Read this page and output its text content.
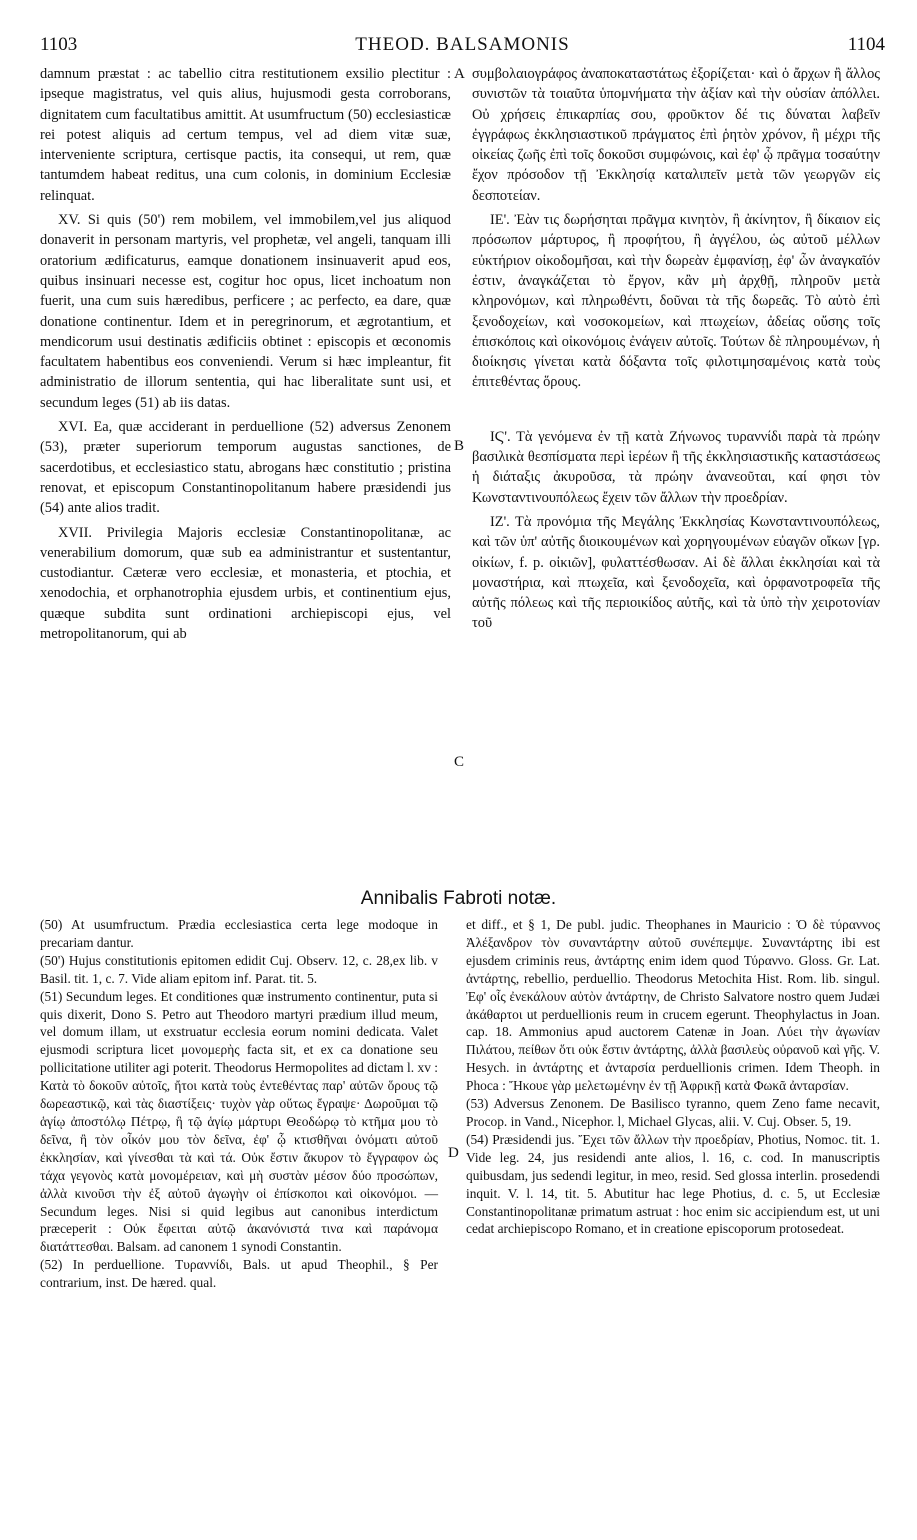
1103	THEOD. BALSAMONIS	1104
A
B
C
D

damnum præstat : ac tabellio citra restitutionem exsilio plectitur : ipseque magistratus, vel quis alius, hujusmodi gesta corroborans, dignitatem cum facultatibus amittit. At usumfructum (50) ecclesiasticæ rei potest aliquis ad certum tempus, vel ad diem vitæ suæ, interveniente scriptura, certisque pactis, ita consequi, ut rem, quæ tantumdem habeat reditus, una cum colonis, in dominium Ecclesiæ relinquat.

XV. Si quis (50') rem mobilem, vel immobilem,vel jus aliquod donaverit in personam martyris, vel prophetæ, vel angeli, tanquam illi oratorium ædificaturus, eamque donationem insinuaverit apud eos, quibus insinuari necesse est, cogitur hoc opus, licet inchoatum non fuerit, una cum suis hæredibus, perficere ; ac perfecto, ea dare, quæ donatione continentur. Idem et in peregrinorum, et ægrotantium, et mendicorum usui destinatis ædificiis obtinet : episcopis et œconomis facultatem habentibus eos conveniendi. Verum si hæc impleantur, fit administratio de illorum sententia, qui hac liberalitate sunt usi, et secundum leges (51) ab iis datas.

XVI. Ea, quæ acciderant in perduellione (52) adversus Zenonem (53), præter superiorum temporum augustas sanctiones, de sacerdotibus, et ecclesiastico statu, abrogans hæc constitutio ; pristina renovat, et episcopum Constantinopolitanum habere præsidendi jus (54) ante alios tradit.

XVII. Privilegia Majoris ecclesiæ Constantinopolitanæ, ac venerabilium domorum, quæ sub ea administrantur et sustentantur, custodiantur. Cæteræ vero ecclesiæ, et monasteria, et ptochia, et xenodochia, et orphanotrophia ejusdem urbis, et continentium ejus, quæque subdita sunt ordinationi archiepiscopi ejus, vel metropolitanorum, qui ab

συμβολαιογράφος ἀναποκαταστάτως ἐξορίζεται· καὶ ὁ ἄρχων ἢ ἄλλος συνιστῶν τὰ τοιαῦτα ὑπομνήματα τὴν ἀξίαν καὶ τὴν οὐσίαν ἀπόλλει. Οὐ χρήσεις ἐπικαρπίας σου, φροῦκτον δέ τις δύναται λαβεῖν ἐγγράφως ἐκκλησιαστικοῦ πράγματος ἐπὶ ῥητὸν χρόνον, ἢ μέχρι τῆς οἰκείας ζωῆς ἐπὶ τοῖς δοκοῦσι συμφώνοις, καὶ ἐφ' ᾧ πρᾶγμα τοσαύτην ἔχον πρόσοδον τῇ Ἐκκλησίᾳ καταλιπεῖν μετὰ τῶν γεωργῶν εἰς δεσποτείαν.

ΙΕ'. Ἐὰν τις δωρήσηται πρᾶγμα κινητὸν, ἢ ἀκίνητον, ἢ δίκαιον εἰς πρόσωπον μάρτυρος, ἢ προφήτου, ἢ ἀγγέλου, ὡς αὐτοῦ μέλλων εὐκτήριον οἰκοδομῆσαι, καὶ τὴν δωρεὰν ἐμφανίσῃ, ἐφ' ὧν ἀναγκαῖόν ἐστιν, ἀναγκάζεται τὸ ἔργον, κἂν μὴ ἀρχθῇ, πληροῦν μετὰ κληρονόμων, καὶ πληρωθέντι, δοῦναι τὰ τῆς δωρεᾶς. Τὸ αὐτὸ ἐπὶ ξενοδοχείων, καὶ νοσοκομείων, καὶ πτωχείων, ἀδείας οὔσης τοῖς ἐπισκόποις καὶ οἰκονόμοις ἐνάγειν αὐτοῖς. Τούτων δὲ πληρουμένων, ἡ διοίκησις γίνεται κατὰ δόξαντα τοῖς φιλοτιμησαμένοις κατὰ τοὺς ἐπιτεθέντας ὅρους.

ΙϚ'. Τὰ γενόμενα ἐν τῇ κατὰ Ζήνωνος τυραννίδι παρὰ τὰ πρώην βασιλικὰ θεσπίσματα περὶ ἱερέων ἢ τῆς ἐκκλησιαστικῆς καταστάσεως ἡ διάταξις ἀκυροῦσα, τὰ πρώην ἀνανεοῦται, καί φησι τὸν Κωνσταντινουπόλεως ἔχειν τῶν ἄλλων τὴν προεδρίαν.

ΙΖ'. Τὰ προνόμια τῆς Μεγάλης Ἐκκλησίας Κωνσταντινουπόλεως, καὶ τῶν ὑπ' αὐτῆς διοικουμένων καὶ χορηγουμένων εὐαγῶν οἴκων [γρ. οἰκίων, f. p. οἰκιῶν], φυλαττέσθωσαν. Αἱ δὲ ἄλλαι ἐκκλησίαι καὶ τὰ μοναστήρια, καὶ πτωχεῖα, καὶ ξενοδοχεῖα, καὶ ὀρφανοτροφεῖα τῆς αὐτῆς πόλεως καὶ τῆς περιοικίδος αὐτῆς, καὶ τὰ ὑπὸ τὴν χειροτονίαν τοῦ

Annibalis Fabroti notæ.

(50) At usumfructum. Prædia ecclesiastica certa lege modoque in precariam dantur.

(50') Hujus constitutionis epitomen edidit Cuj. Observ. 12, c. 28,ex lib. v Basil. tit. 1, c. 7. Vide aliam epitom inf. Parat. tit. 5.

(51) Secundum leges. Et conditiones quæ instrumento continentur, puta si quis dixerit, Dono S. Petro aut Theodoro martyri prædium illud meum, vel domum illam, ut exstruatur ecclesia eorum nomini dedicata. Valet ejusmodi scriptura licet μονομερὴς facta sit, et ex ca donatione seu pollicitatione utiliter agi poterit. Theodorus Hermopolites ad dictam l. xv : Κατὰ τὸ δοκοῦν αὐτοῖς, ἤτοι κατὰ τοὺς ἐντεθέντας παρ' αὐτῶν ὅρους τῷ δωρεαστικῷ, καὶ τὰς διαστίξεις· τυχὸν γὰρ οὕτως ἔγραψε· Δωροῦμαι τῷ ἁγίῳ ἀποστόλῳ Πέτρῳ, ἢ τῷ ἁγίῳ μάρτυρι Θεοδώρῳ τὸ κτῆμα μου τὸ δεῖνα, ἢ τὸν οἶκόν μου τὸν δεῖνα, ἐφ' ᾧ κτισθῆναι ὀνόματι αὐτοῦ ἐκκλησίαν, καὶ γίνεσθαι τὰ καὶ τά. Οὐκ ἔστιν ἄκυρον τὸ ἔγγραφον ὡς τάχα γεγονὸς κατὰ μονομέρειαν, καὶ μὴ συστὰν μέσον δύο προσώπων, ἀλλὰ κινοῦσι τὴν ἐξ αὐτοῦ ἀγωγὴν οἱ ἐπίσκοποι καὶ οἰκονόμοι. — Secundum leges. Nisi si quid legibus aut canonibus interdictum præceperit : Οὐκ ἔφειται αὐτῷ ἀκανόνιστά τινα καὶ παράνομα διατάττεσθαι. Balsam. ad canonem 1 synodi Constantin.

(52) In perduellione. Τυραννίδι, Bals. ut apud Theophil., § Per contrarium, inst. De hæred. qual.

et diff., et § 1, De publ. judic. Theophanes in Mauricio : Ὁ δὲ τύραννος Ἀλέξανδρον τὸν συναντάρτην αὐτοῦ συνέπεμψε. Συναντάρτης ibi est ejusdem criminis reus, ἀντάρτης enim idem quod Τύραννο. Gloss. Gr. Lat. ἀντάρτης, rebellio, perduellio. Theodorus Metochita Hist. Rom. lib. singul. Ἐφ' οἷς ἐνεκάλουν αὐτὸν ἀντάρτην, de Christo Salvatore nostro quem Judæi ἀκάθαρτοι ut perduellionis reum in crucem egerunt. Theophylactus in Joan. cap. 18. Ammonius apud auctorem Catenæ in Joan. Λύει τὴν ἀγωνίαν Πιλάτου, πείθων ὅτι οὐκ ἔστιν ἀντάρτης, ἀλλὰ βασιλεὺς οὐρανοῦ καὶ γῆς. V. Hesych. in ἀντάρτης et ἀνταρσία perduellionis crimen. Idem Theoph. in Phoca : Ἤκουε γὰρ μελετωμένην ἐν τῇ Ἀφρικῇ κατὰ Φωκᾶ ἀνταρσίαν.

(53) Adversus Zenonem. De Basilisco tyranno, quem Zeno fame necavit, Procop. in Vand., Nicephor. l, Michael Glycas, alii. V. Cuj. Obser. 5, 19.

(54) Præsidendi jus. Ἔχει τῶν ἄλλων τὴν προεδρίαν, Photius, Nomoc. tit. 1. Vide leg. 24, jus residendi ante alios, l. 16, c. cod. In manuscriptis quibusdam, jus sedendi legitur, in meo, resid. Sed glossa interlin. prosedendi inquit. V. l. 14, tit. 5. Abutitur hac lege Photius, d. c. 5, ut Ecclesiæ Constantinopolitanæ primatum astruat : hoc enim sic accipiendum est, ut uni cedat archiepiscopo Romano, et in creatione episcoporum protosedeat.
